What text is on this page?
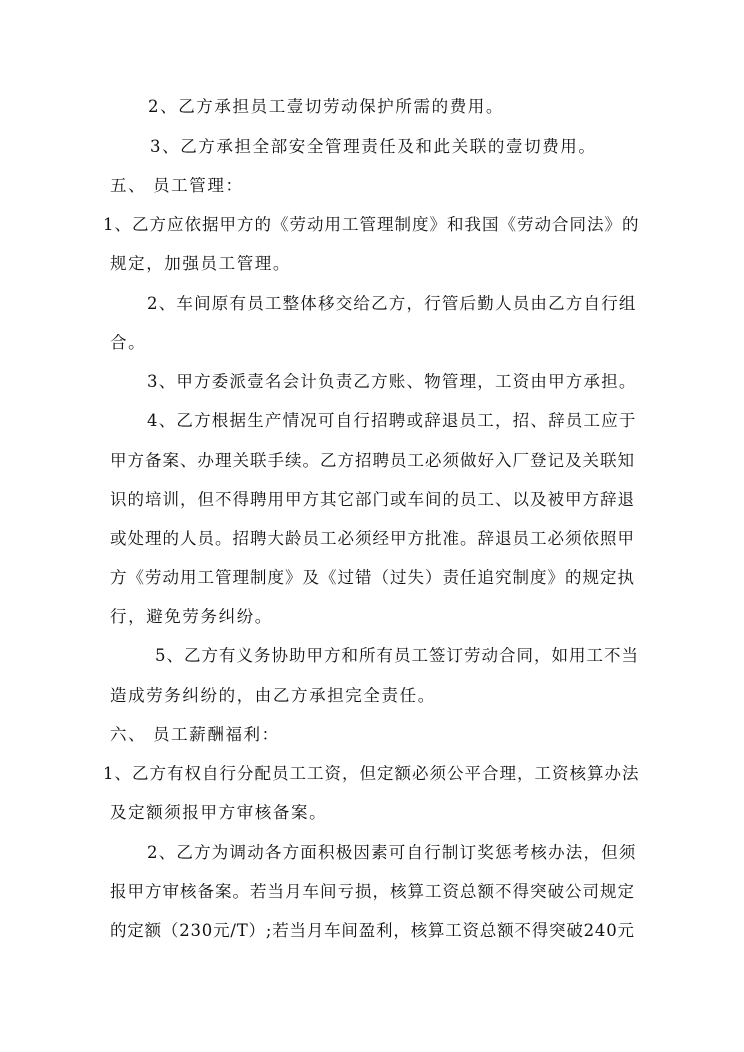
2、乙方承担员工壹切劳动保护所需的费用。
3、乙方承担全部安全管理责任及和此关联的壹切费用。
五、 员工管理：
1、乙方应依据甲方的《劳动用工管理制度》和我国《劳动合同法》的
规定，加强员工管理。
2、车间原有员工整体移交给乙方，行管后勤人员由乙方自行组
合。
3、甲方委派壹名会计负责乙方账、物管理，工资由甲方承担。
4、乙方根据生产情况可自行招聘或辞退员工，招、辞员工应于
甲方备案、办理关联手续。乙方招聘员工必须做好入厂登记及关联知
识的培训，但不得聘用甲方其它部门或车间的员工、以及被甲方辞退
或处理的人员。招聘大龄员工必须经甲方批准。辞退员工必须依照甲
方《劳动用工管理制度》及《过错（过失）责任追究制度》的规定执
行，避免劳务纠纷。
5、乙方有义务协助甲方和所有员工签订劳动合同，如用工不当
造成劳务纠纷的，由乙方承担完全责任。
六、 员工薪酬福利：
1、乙方有权自行分配员工工资，但定额必须公平合理，工资核算办法
及定额须报甲方审核备案。
2、乙方为调动各方面积极因素可自行制订奖惩考核办法，但须
报甲方审核备案。若当月车间亏损，核算工资总额不得突破公司规定
的定额（230元/T）;若当月车间盈利，核算工资总额不得突破240元
